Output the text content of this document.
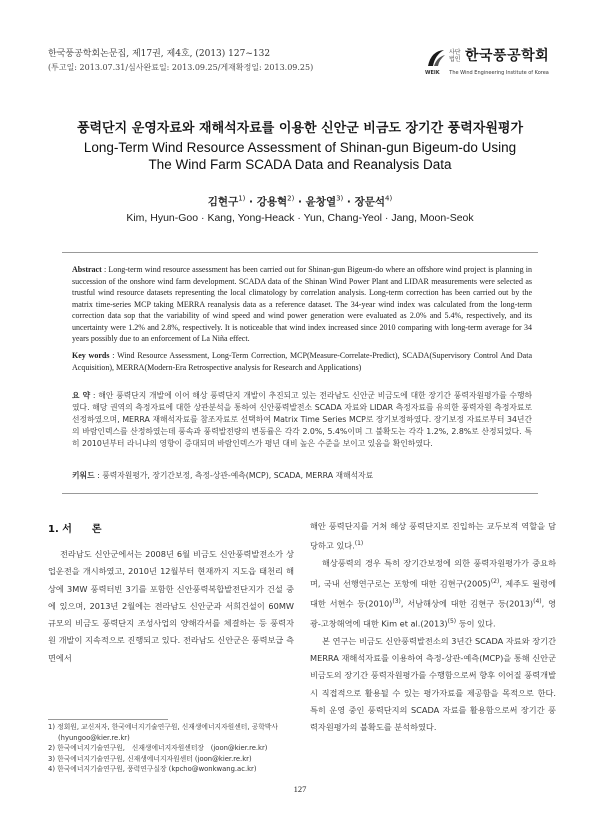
한국풍공학회논문집, 제17권, 제4호, (2013) 127~132
(투고일: 2013.07.31/심사완료일: 2013.09.25/게재확정일: 2013.09.25)
사단 법인 한국풍공학회
WEIK The Wind Engineering Institute of Korea
풍력단지 운영자료와 재해석자료를 이용한 신안군 비금도 장기간 풍력자원평가
Long-Term Wind Resource Assessment of Shinan-gun Bigeum-do Using
The Wind Farm SCADA Data and Reanalysis Data
김현구$^{1)}$ · 강용혁$^{2)}$ · 윤창열$^{3)}$ · 장문석$^{4)}$
Kim, Hyun-Goo · Kang, Yong-Heack · Yun, Chang-Yeol · Jang, Moon-Seok
Abstract : Long-term wind resource assessment has been carried out for Shinan-gun Bigeum-do where an offshore wind project is planning in succession of the onshore wind farm development. SCADA data of the Shinan Wind Power Plant and LIDAR measurements were selected as trustful wind resource datasets representing the local climatology by correlation analysis. Long-term correction has been carried out by the matrix time-series MCP taking MERRA reanalysis data as a reference dataset. The 34-year wind index was calculated from the long-term correction data sop that the variability of wind speed and wind power generation were evaluated as 2.0% and 5.4%, respectively, and its uncertainty were 1.2% and 2.8%, respectively. It is noticeable that wind index increased since 2010 comparing with long-term average for 34 years possibly due to an enforcement of La Niña effect.
Key words : Wind Resource Assessment, Long-Term Correction, MCP(Measure-Correlate-Predict), SCADA(Supervisory Control And Data Acquisition), MERRA(Modern-Era Retrospective analysis for Research and Applications)
요 약 : 해안 풍력단지 개발에 이어 해상 풍력단지 개발이 추진되고 있는 전라남도 신안군 비금도에 대한 장기간 풍력자원평가를 수행하였다. 해당 권역의 측정자료에 대한 상관분석을 통하여 신안풍력발전소 SCADA 자료와 LIDAR 측정자료를 유의한 풍력자원 측정자료로 선정하였으며, MERRA 재해석자료를 참조자료로 선택하여 Matrix Time Series MCP로 장기보정하였다. 장기보정 자료로부터 34년간의 바람인덱스를 산정하였는데 풍속과 풍력발전량의 변동률은 각각 2.0%, 5.4%이며 그 불확도는 각각 1.2%, 2.8%로 산정되었다. 특히 2010년부터 라니냐의 영향이 증대되며 바람인덱스가 평년 대비 높은 수준을 보이고 있음을 확인하였다.
키워드 : 풍력자원평가, 장기간보정, 측정-상관-예측(MCP), SCADA, MERRA 재해석자료
1. 서　　론

전라남도 신안군에서는 2008년 6월 비금도 신안풍력발전소가 상업운전을 개시하였고, 2010년 12월부터 현재까지 지도읍 태천리 해상에 3MW 풍력터빈 3기를 포함한 신안풍력복합발전단지가 건설 중에 있으며, 2013년 2월에는 전라남도 신안군과 서희건설이 60MW 규모의 비금도 풍력단지 조성사업의 양해각서를 체결하는 등 풍력자원 개발이 지속적으로 진행되고 있다. 전라남도 신안군은 풍력보급 측면에서

해안 풍력단지를 거쳐 해상 풍력단지로 진입하는 교두보적 역할을 담당하고 있다.$^{(1)}$

해상풍력의 경우 특히 장기간보정에 의한 풍력자원평가가 중요하며, 국내 선행연구로는 포항에 대한 김현구$(2005)^{(2)}$, 제주도 월령에 대한 서현수 등$(2010)^{(3)}$, 서남해상에 대한 김현구 등$(2013)^{(4)}$, 영광-고창해역에 대한 Kim et $al.(2013)^{(5)}$ 등이 있다.

본 연구는 비금도 신안풍력발전소의 3년간 SCADA 자료와 장기간 MERRA 재해석자료를 이용하여 측정-상관-예측(MCP)을 통해 신안군 비금도의 장기간 풍력자원평가를 수행함으로써 향후 이어질 풍력개발 시 직접적으로 활용될 수 있는 평가자료를 제공함을 목적으로 한다. 특히 운영 중인 풍력단지의 SCADA 자료를 활용함으로써 장기간 풍력자원평가의 불확도를 분석하였다.

1) 정회원, 교신저자, 한국에너지기술연구원, 신재생에너지자원센터, 공학박사 (hyungoo@kier.re.kr)
2) 한국에너지기술연구원,　신재생에너지자원센터장　(joon@kier.re.kr)
3) 한국에너지기술연구원, 신재생에너지자원센터 (joon@kier.re.kr)
4) 한국에너지기술연구원, 풍력연구실장 (kpcho@wonkwang.ac.kr)
127
